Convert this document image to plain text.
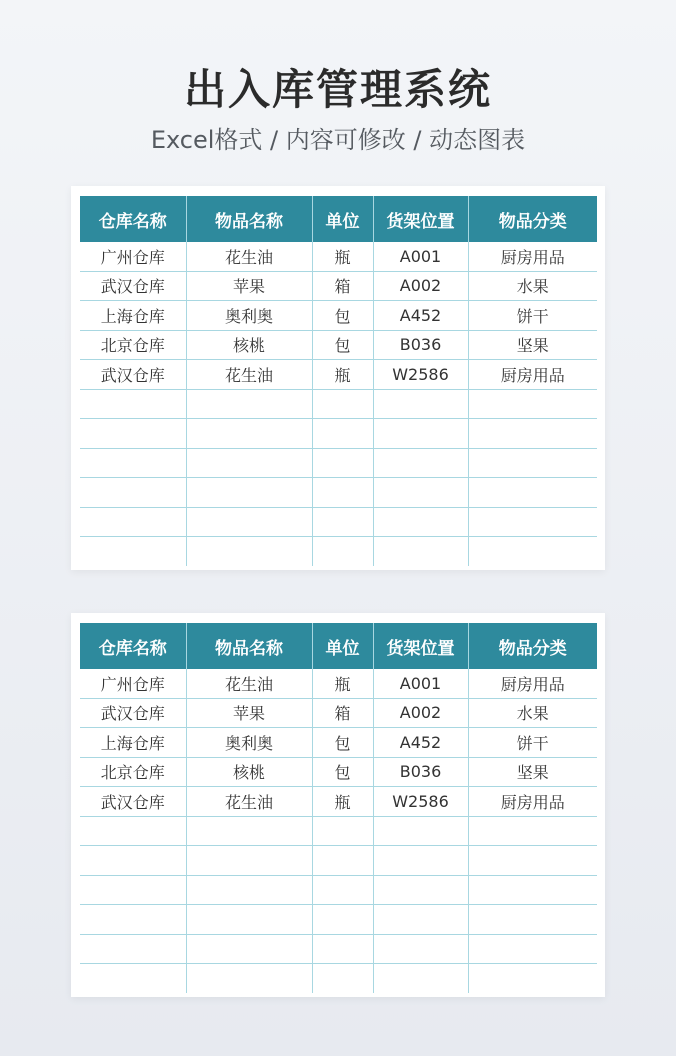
出入库管理系统
Excel格式 / 内容可修改 / 动态图表
仓库名称	物品名称	单位	货架位置	物品分类
广州仓库	花生油	瓶	A001	厨房用品
武汉仓库	苹果	箱	A002	水果
上海仓库	奥利奥	包	A452	饼干
北京仓库	核桃	包	B036	坚果
武汉仓库	花生油	瓶	W2586	厨房用品

仓库名称	物品名称	单位	货架位置	物品分类
广州仓库	花生油	瓶	A001	厨房用品
武汉仓库	苹果	箱	A002	水果
上海仓库	奥利奥	包	A452	饼干
北京仓库	核桃	包	B036	坚果
武汉仓库	花生油	瓶	W2586	厨房用品
